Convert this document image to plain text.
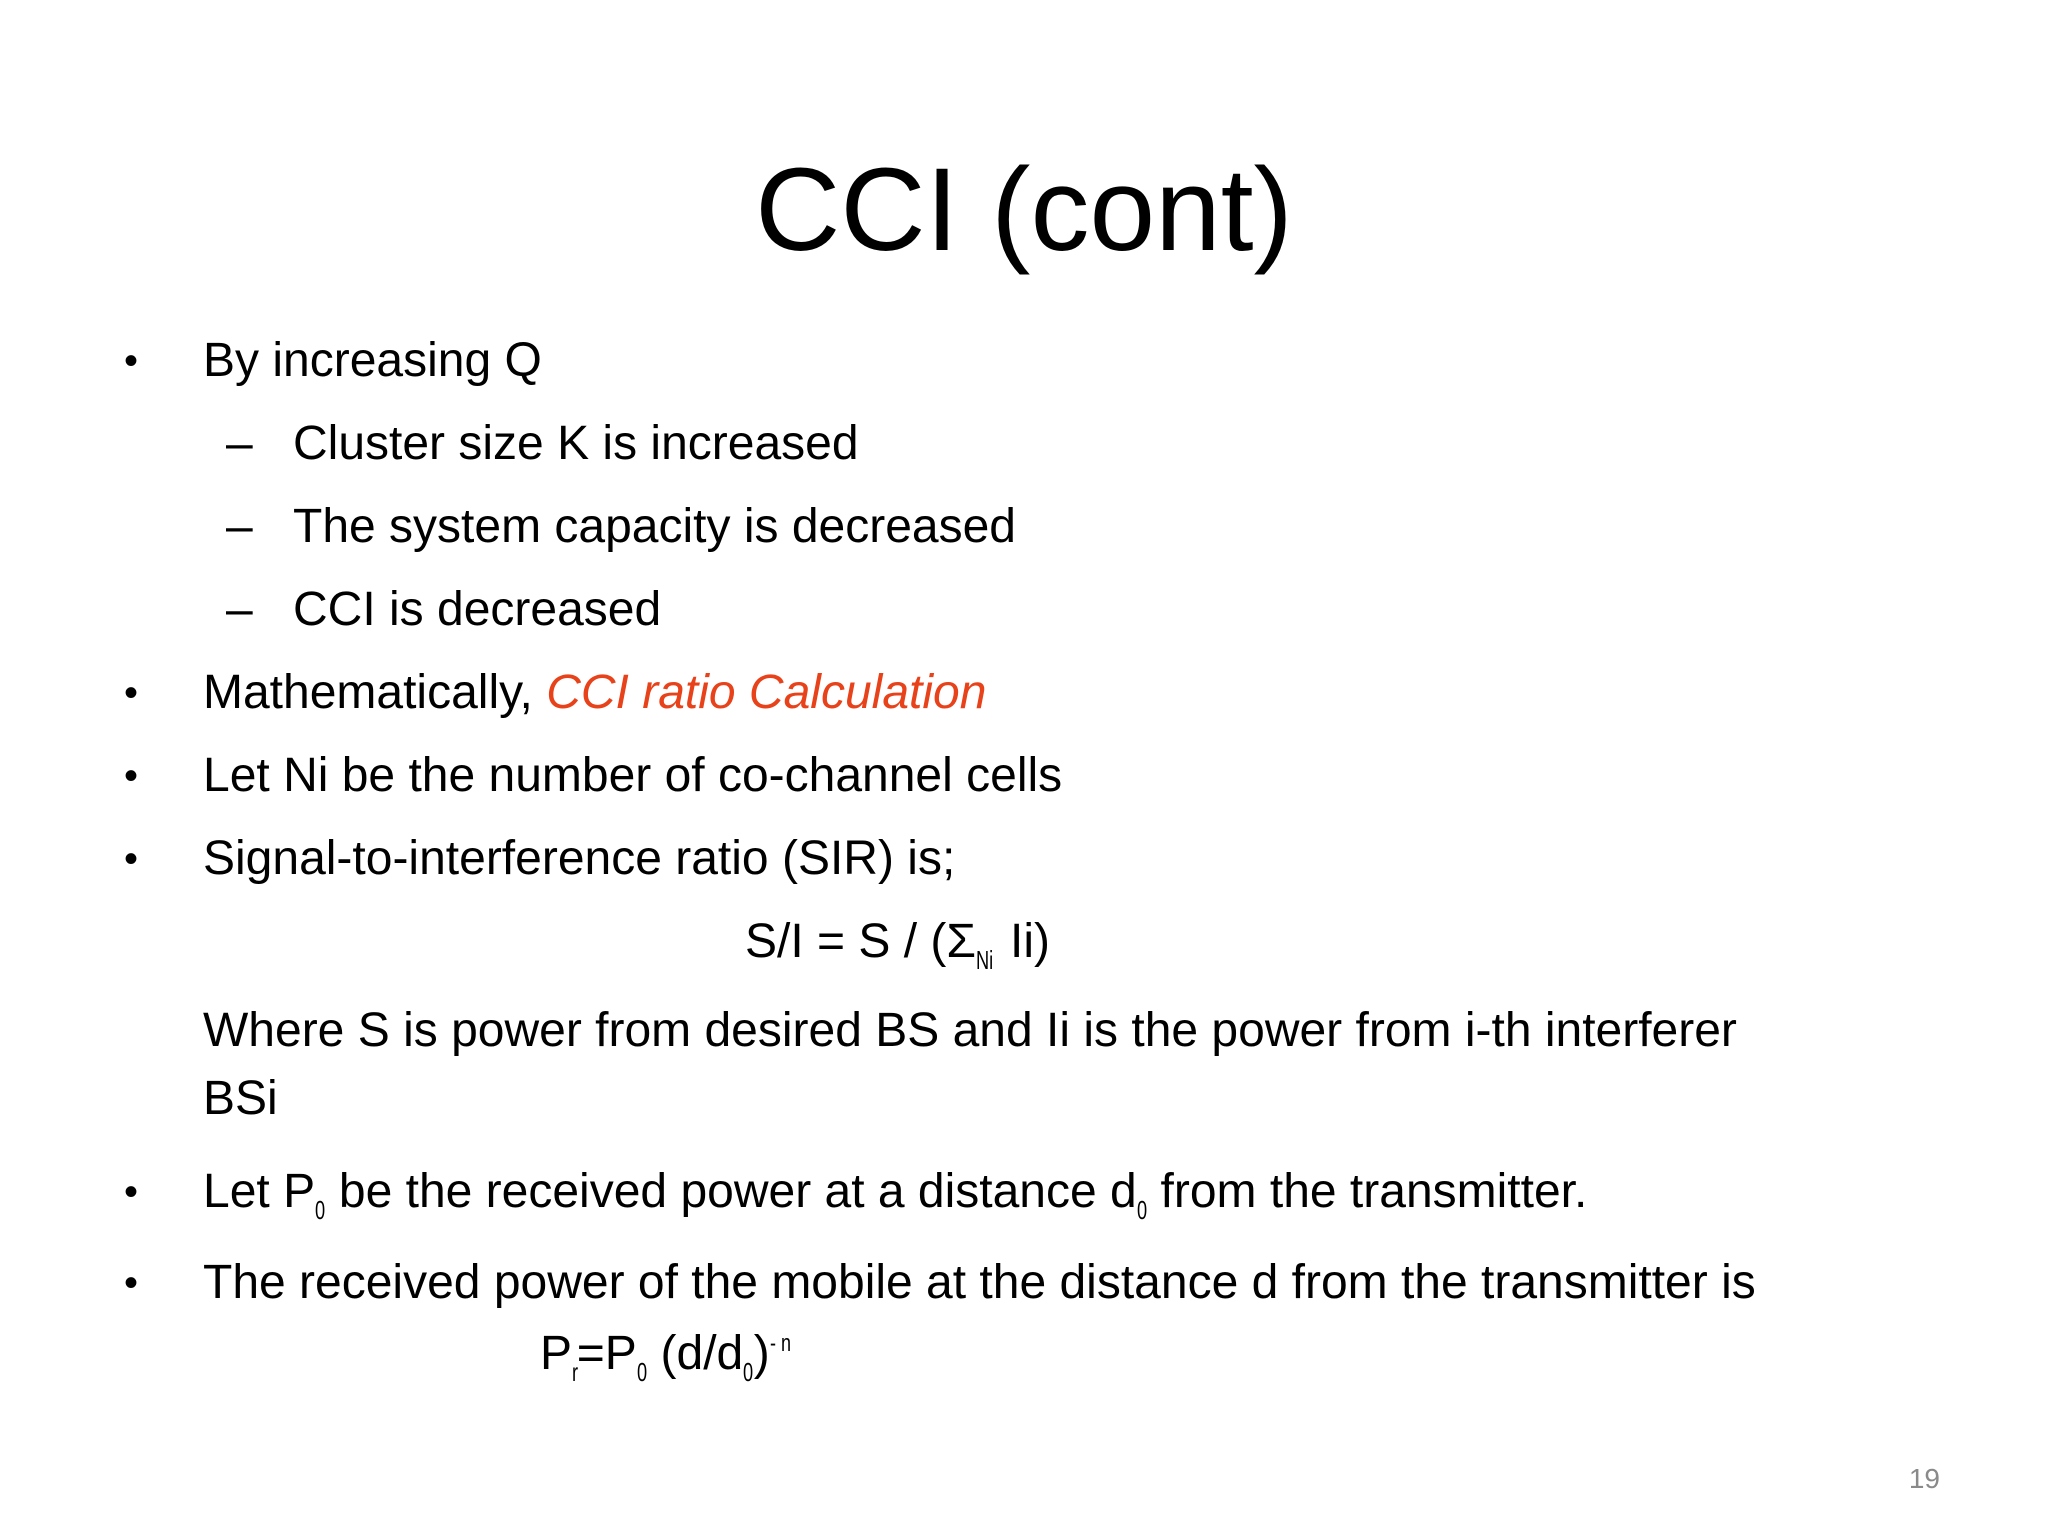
CCI (cont)
• By increasing Q
– Cluster size K is increased
– The system capacity is decreased
– CCI is decreased
• Mathematically, CCI ratio Calculation
• Let Ni be the number of co-channel cells
• Signal-to-interference ratio (SIR) is;
S/I = S / (ΣNi Ii)
Where S is power from desired BS and Ii is the power from i-th interferer
BSi
• Let P0 be the received power at a distance d0 from the transmitter.
• The received power of the mobile at the distance d from the transmitter is
Pr=P0 (d/d0)- n
19
